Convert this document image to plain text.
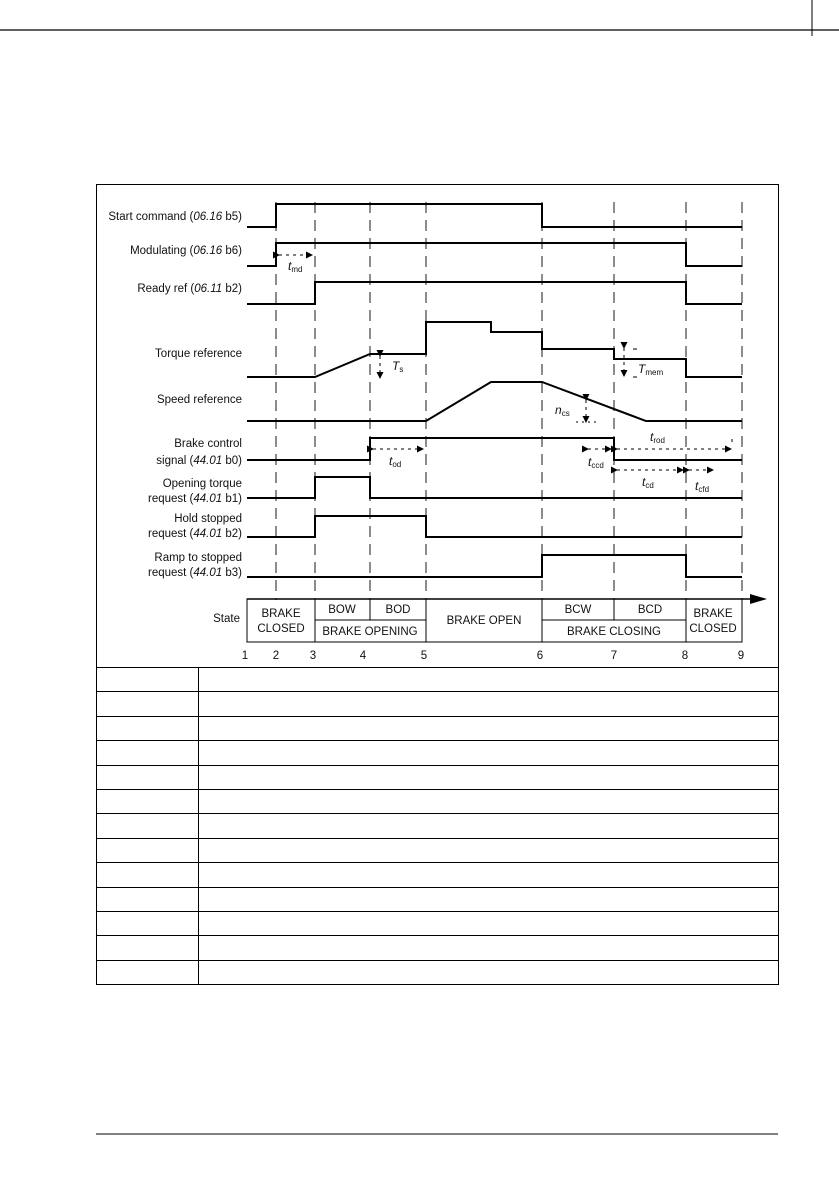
Start command (06.16 b5)
Modulating (06.16 b6)
Ready ref (06.11 b2)
Torque reference
Speed reference
Brake control
signal (44.01 b0)
Opening torque
request (44.01 b1)
Hold stopped
request (44.01 b2)
Ramp to stopped
request (44.01 b3)
tmd
Ts	Tmem
ncs
tod
trod
tccd
tcd	tcfd
State BRAKE
CLOSED
BOW	BOD
BRAKE OPENING
BRAKE OPEN
BCW	BCD
BRAKE CLOSING
BRAKE
CLOSED
1 2	3	4	5	6	7	8	9
